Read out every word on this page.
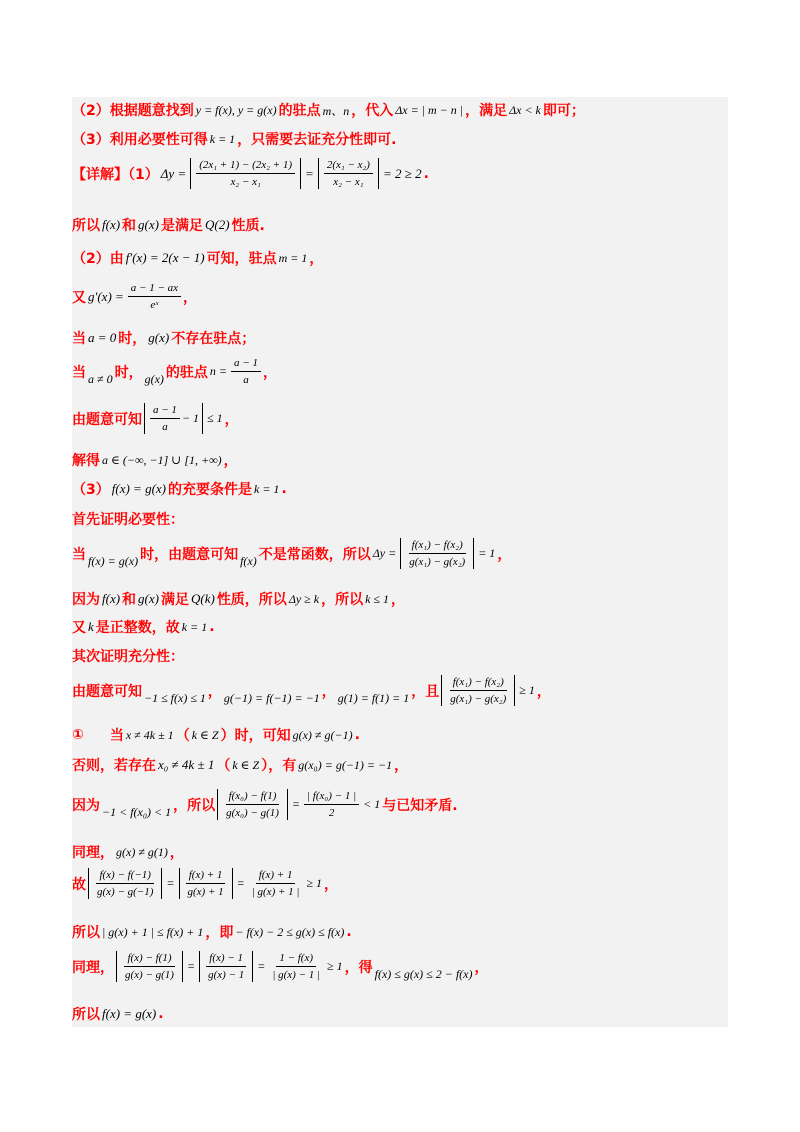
（2）根据题意找到 y = f(x), y = g(x) 的驻点 m、n ，代入 Δx = | m − n | ，满足 Δx < k 即可；
（3）利用必要性可得 k = 1 ，只需要去证充分性即可.
【详解】（1） $\Delta y = \frac{\text{(2x₁ + 1) − (2x₂ + 1)}}{\text{x₂ − x₁}} = \frac{\text{2(x₁ − x₂)}}{\text{x₂ − x₁}} = 2 \ge 2$ .
所以 f(x) 和 g(x) 是满足 Q(2) 性质.
（2）由 f′(x) = 2(x − 1) 可知，驻点 m = 1 ，
又 $g'(x) = \frac{a - 1 - ax}{\text{eˣ}}$ ，
当 a = 0 时， g(x) 不存在驻点；
当 a ≠ 0 时， g(x) 的驻点 $n = \frac{a - 1}{a}$ ，
由题意可知 $\frac{a - 1}{a} - 1 \le 1$ ，
解得 a ∈ (−∞, −1] ∪ [1, +∞) ，
（3） f(x) = g(x) 的充要条件是 k = 1 .
首先证明必要性：
当 f(x) = g(x) 时，由题意可知 f(x) 不是常函数，所以 $\Delta y = \frac{\text{f(x₁) − f(x₂)}}{\text{g(x₁) − g(x₂)}} = 1$ ，
因为 f(x) 和 g(x) 满足 Q(k) 性质，所以 Δy ≥ k ，所以 k ≤ 1 ，
又 k 是正整数，故 k = 1 .
其次证明充分性：
由题意可知 −1 ≤ f(x) ≤ 1 ， g(−1) = f(−1) = −1 ， g(1) = f(1) = 1 ，且 $\frac{\text{f(x₁) − f(x₂)}}{\text{g(x₁) − g(x₂)}} \ge 1$ ，
① 当 x ≠ 4k ± 1 （ k ∈ Z ）时，可知 g(x) ≠ g(−1) .
否则，若存在 x₀ ≠ 4k ± 1 （ k ∈ Z ），有 g(x₀) = g(−1) = −1 ，
因为 −1 < f(x₀) < 1 ，所以 $\frac{\text{f(x₀) − f(1)}}{\text{g(x₀) − g(1)}} = \frac{\text{| f(x₀) − 1 |}}{2} < 1$ 与已知矛盾.
同理， g(x) ≠ g(1) ，
故 $\frac{f(x) - f(-1)}{g(x) - g(-1)} = \frac{f(x) + 1}{g(x) + 1} = \frac{f(x) + 1}{| g(x) + 1 |} \ge 1$ ，
所以 | g(x) + 1 | ≤ f(x) + 1 ，即 − f(x) − 2 ≤ g(x) ≤ f(x) .
同理， $\frac{f(x) - f(1)}{g(x) - g(1)} = \frac{f(x) - 1}{g(x) - 1} = \frac{1 - f(x)}{| g(x) - 1 |} \ge 1$ ，得 f(x) ≤ g(x) ≤ 2 − f(x) ，
所以 f(x) = g(x) .
